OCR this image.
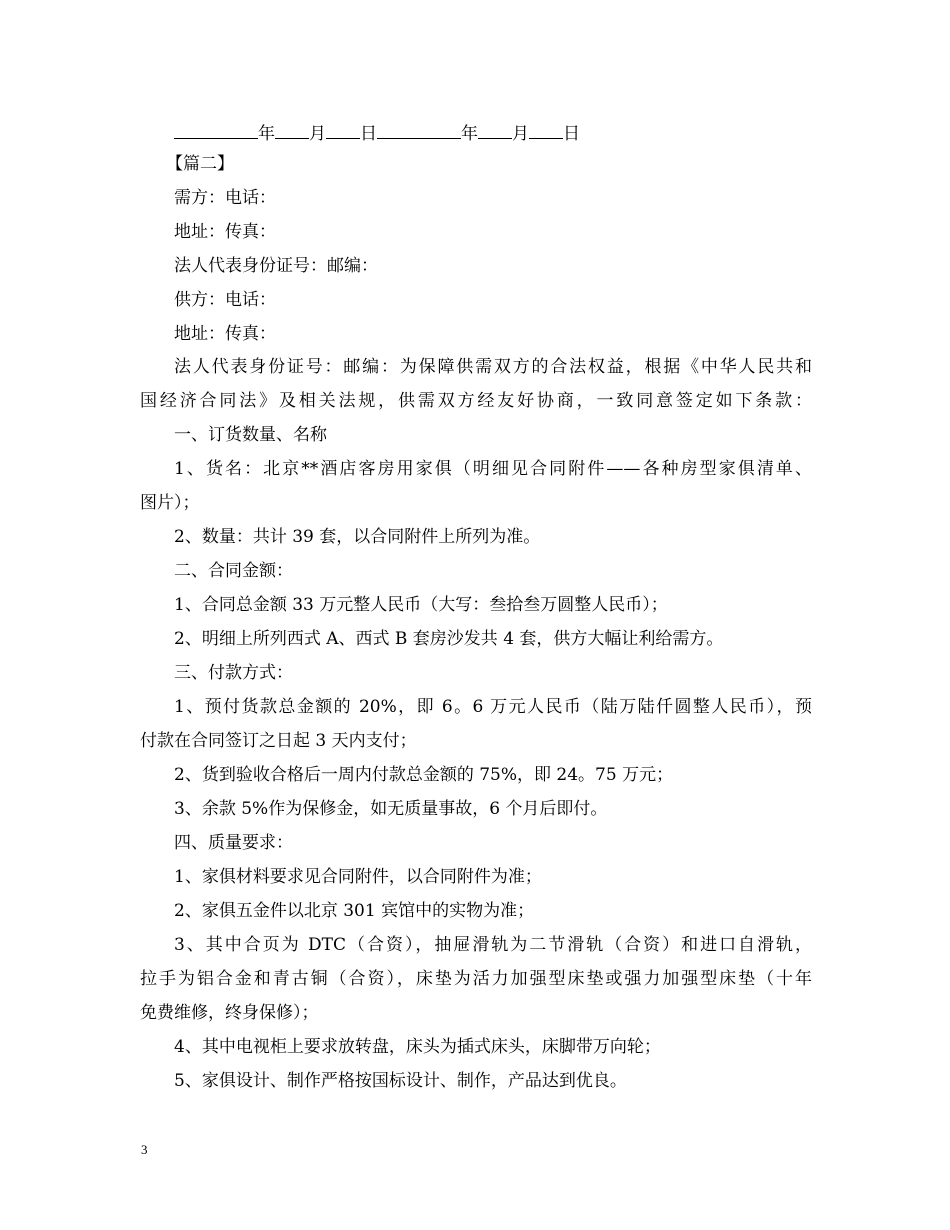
年 月 日	年 月 日
【篇二】
需方：电话：
地址：传真：
法人代表身份证号：邮编：
供方：电话：
地址：传真：
法人代表身份证号：邮编：为保障供需双方的合法权益，根据《中华人民共和
国经济合同法》及相关法规，供需双方经友好协商，一致同意签定如下条款：
一、订货数量、名称
1、货名：北京**酒店客房用家俱（明细见合同附件——各种房型家俱清单、
图片）；
2、数量：共计 39 套，以合同附件上所列为准。
二、合同金额：
1、合同总金额 33 万元整人民币（大写：叁拾叁万圆整人民币）；
2、明细上所列西式 A、西式 B 套房沙发共 4 套，供方大幅让利给需方。
三、付款方式：
1、预付货款总金额的 20%，即 6。6 万元人民币（陆万陆仟圆整人民币），预
付款在合同签订之日起 3 天内支付；
2、货到验收合格后一周内付款总金额的 75%，即 24。75 万元；
3、余款 5%作为保修金，如无质量事故，6 个月后即付。
四、质量要求：
1、家俱材料要求见合同附件，以合同附件为准；
2、家俱五金件以北京 301 宾馆中的实物为准；
3、其中合页为 DTC（合资），抽屉滑轨为二节滑轨（合资）和进口自滑轨，
拉手为铝合金和青古铜（合资），床垫为活力加强型床垫或强力加强型床垫（十年
免费维修，终身保修）；
4、其中电视柜上要求放转盘，床头为插式床头，床脚带万向轮；
5、家俱设计、制作严格按国标设计、制作，产品达到优良。
3
